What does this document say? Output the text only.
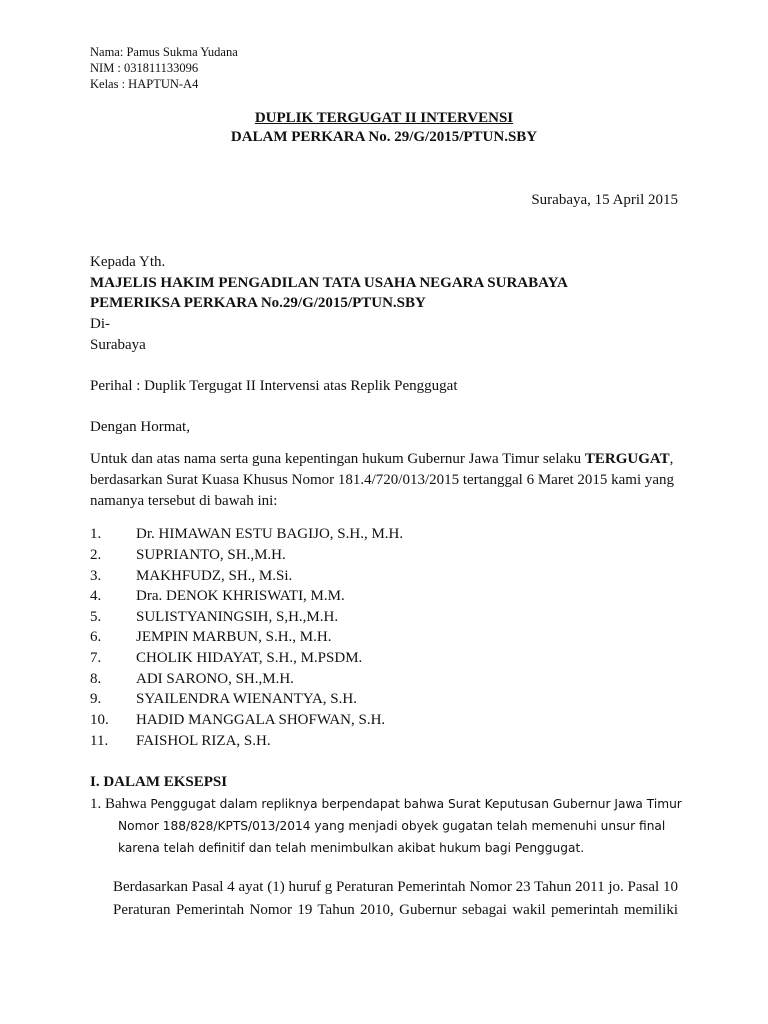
Nama: Pamus Sukma Yudana
NIM : 031811133096
Kelas : HAPTUN-A4
DUPLIK TERGUGAT II INTERVENSI
DALAM PERKARA No. 29/G/2015/PTUN.SBY
Surabaya, 15 April 2015
Kepada Yth.
MAJELIS HAKIM PENGADILAN TATA USAHA NEGARA SURABAYA
PEMERIKSA PERKARA No.29/G/2015/PTUN.SBY
Di-
Surabaya
Perihal : Duplik Tergugat II Intervensi atas Replik Penggugat
Dengan Hormat,
Untuk dan atas nama serta guna kepentingan hukum Gubernur Jawa Timur selaku TERGUGAT,
berdasarkan Surat Kuasa Khusus Nomor 181.4/720/013/2015 tertanggal 6 Maret 2015 kami yang
namanya tersebut di bawah ini:
1. Dr. HIMAWAN ESTU BAGIJO, S.H., M.H.
2. SUPRIANTO, SH.,M.H.
3. MAKHFUDZ, SH., M.Si.
4. Dra. DENOK KHRISWATI, M.M.
5. SULISTYANINGSIH, S,H.,M.H.
6. JEMPIN MARBUN, S.H., M.H.
7. CHOLIK HIDAYAT, S.H., M.PSDM.
8. ADI SARONO, SH.,M.H.
9. SYAILENDRA WIENANTYA, S.H.
10. HADID MANGGALA SHOFWAN, S.H.
11. FAISHOL RIZA, S.H.
I. DALAM EKSEPSI
1. Bahwa Penggugat dalam repliknya berpendapat bahwa Surat Keputusan Gubernur Jawa Timur
Nomor 188/828/KPTS/013/2014 yang menjadi obyek gugatan telah memenuhi unsur final
karena telah definitif dan telah menimbulkan akibat hukum bagi Penggugat.
Berdasarkan Pasal 4 ayat (1) huruf g Peraturan Pemerintah Nomor 23 Tahun 2011 jo. Pasal 10
Peraturan Pemerintah Nomor 19 Tahun 2010, Gubernur sebagai wakil pemerintah memiliki
